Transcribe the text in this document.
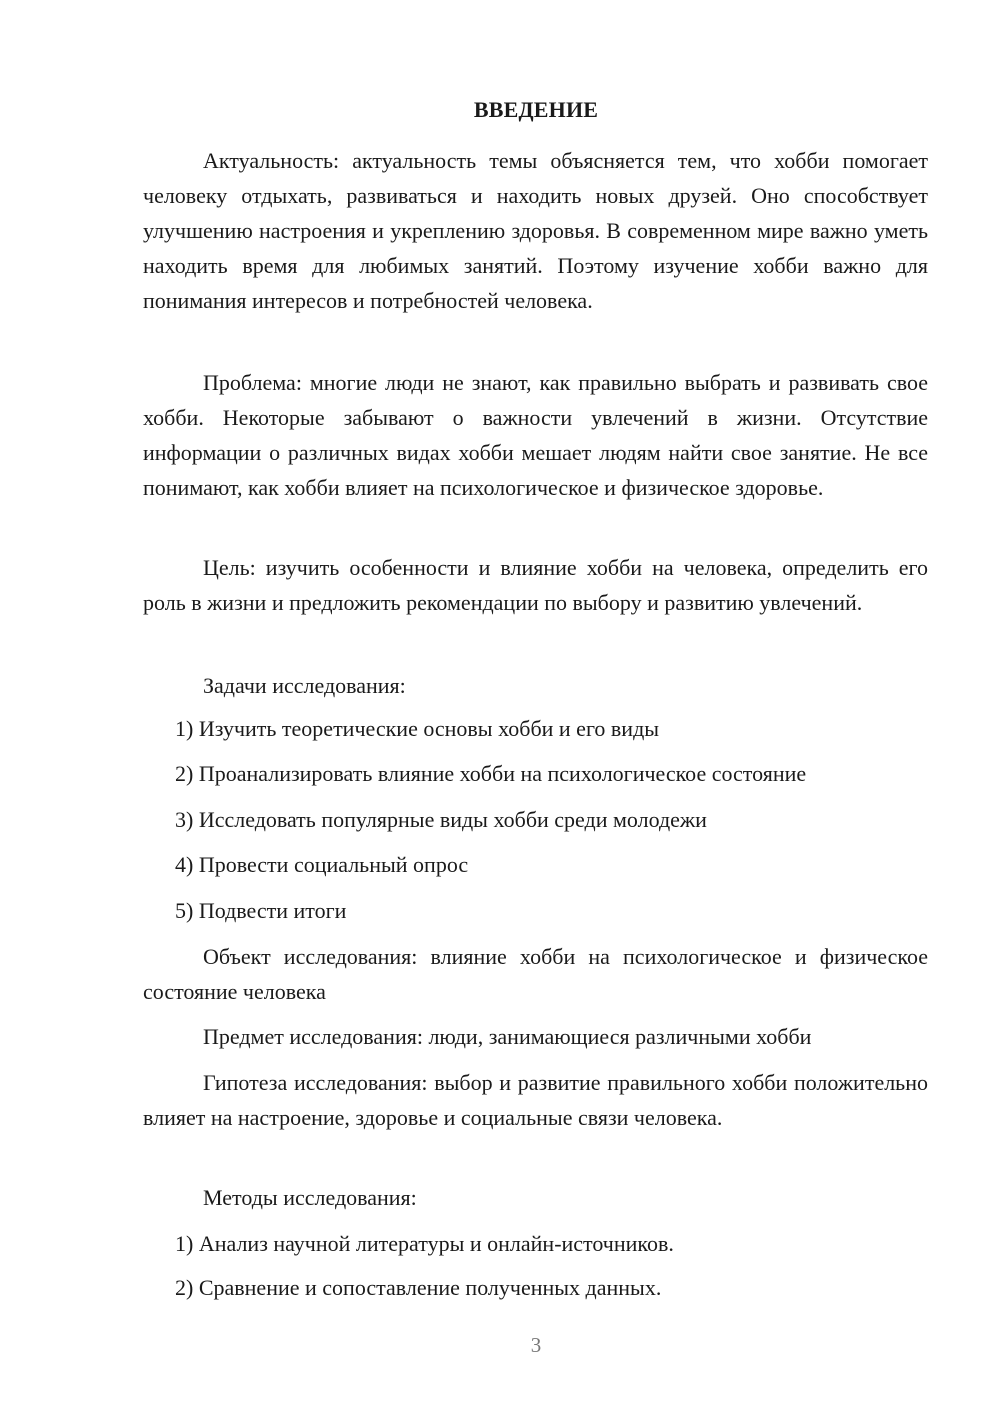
ВВЕДЕНИЕ

Актуальность: актуальность темы объясняется тем, что хобби помогает человеку отдыхать, развиваться и находить новых друзей. Оно способствует улучшению настроения и укреплению здоровья. В современном мире важно уметь находить время для любимых занятий. Поэтому изучение хобби важно для понимания интересов и потребностей человека.

Проблема: многие люди не знают, как правильно выбрать и развивать свое хобби. Некоторые забывают о важности увлечений в жизни. Отсутствие информации о различных видах хобби мешает людям найти свое занятие. Не все понимают, как хобби влияет на психологическое и физическое здоровье.

Цель: изучить особенности и влияние хобби на человека, определить его роль в жизни и предложить рекомендации по выбору и развитию увлечений.

Задачи исследования:

1) Изучить теоретические основы хобби и его виды

2) Проанализировать влияние хобби на психологическое состояние

3) Исследовать популярные виды хобби среди молодежи

4) Провести социальный опрос

5) Подвести итоги

Объект исследования: влияние хобби на психологическое и физическое состояние человека

Предмет исследования: люди, занимающиеся различными хобби

Гипотеза исследования: выбор и развитие правильного хобби положительно влияет на настроение, здоровье и социальные связи человека.

Методы исследования:

1) Анализ научной литературы и онлайн-источников.

2) Сравнение и сопоставление полученных данных.

3
